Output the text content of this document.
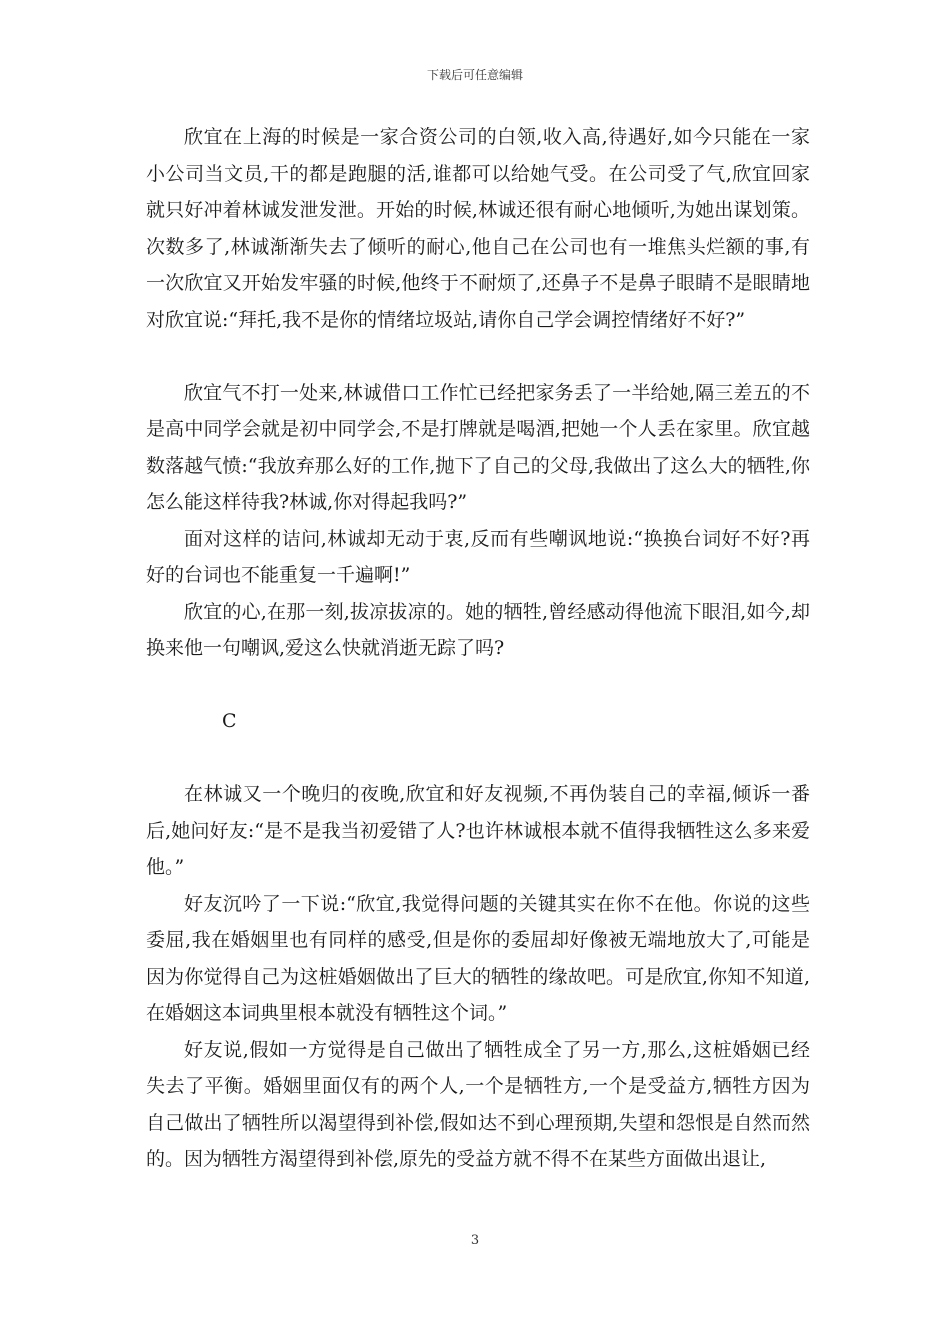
下载后可任意编辑

欣宜在上海的时候是一家合资公司的白领,收入高,待遇好,如今只能在一家小公司当文员,干的都是跑腿的活,谁都可以给她气受。在公司受了气,欣宜回家就只好冲着林诚发泄发泄。开始的时候,林诚还很有耐心地倾听,为她出谋划策。次数多了,林诚渐渐失去了倾听的耐心,他自己在公司也有一堆焦头烂额的事,有一次欣宜又开始发牢骚的时候,他终于不耐烦了,还鼻子不是鼻子眼睛不是眼睛地对欣宜说:“拜托,我不是你的情绪垃圾站,请你自己学会调控情绪好不好?”

欣宜气不打一处来,林诚借口工作忙已经把家务丢了一半给她,隔三差五的不是高中同学会就是初中同学会,不是打牌就是喝酒,把她一个人丢在家里。欣宜越数落越气愤:“我放弃那么好的工作,抛下了自己的父母,我做出了这么大的牺牲,你怎么能这样待我?林诚,你对得起我吗?”

面对这样的诘问,林诚却无动于衷,反而有些嘲讽地说:“换换台词好不好?再好的台词也不能重复一千遍啊!”

欣宜的心,在那一刻,拔凉拔凉的。她的牺牲,曾经感动得他流下眼泪,如今,却换来他一句嘲讽,爱这么快就消逝无踪了吗?

C

在林诚又一个晚归的夜晚,欣宜和好友视频,不再伪装自己的幸福,倾诉一番后,她问好友:“是不是我当初爱错了人?也许林诚根本就不值得我牺牲这么多来爱他。”

好友沉吟了一下说:“欣宜,我觉得问题的关键其实在你不在他。你说的这些委屈,我在婚姻里也有同样的感受,但是你的委屈却好像被无端地放大了,可能是因为你觉得自己为这桩婚姻做出了巨大的牺牲的缘故吧。可是欣宜,你知不知道,在婚姻这本词典里根本就没有牺牲这个词。”

好友说,假如一方觉得是自己做出了牺牲成全了另一方,那么,这桩婚姻已经失去了平衡。婚姻里面仅有的两个人,一个是牺牲方,一个是受益方,牺牲方因为自己做出了牺牲所以渴望得到补偿,假如达不到心理预期,失望和怨恨是自然而然的。因为牺牲方渴望得到补偿,原先的受益方就不得不在某些方面做出退让,

3
